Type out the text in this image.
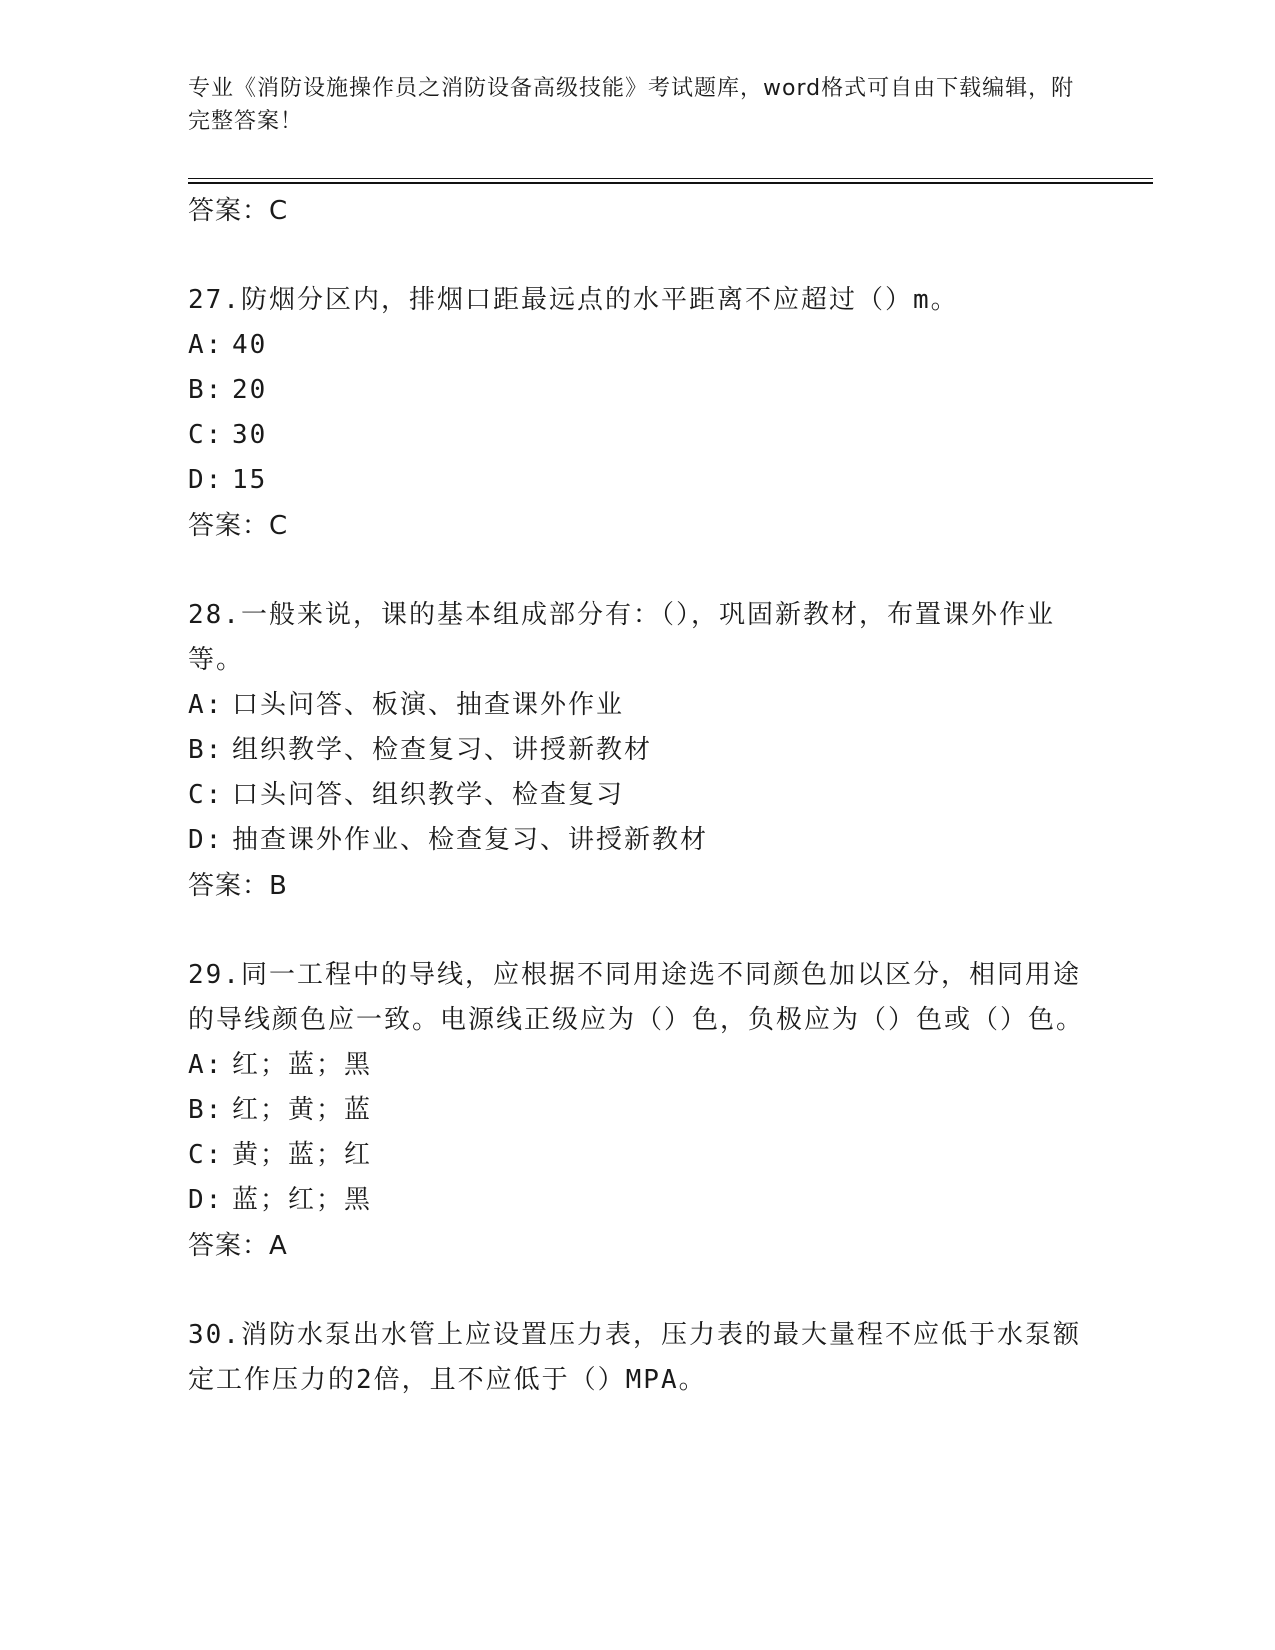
专业《消防设施操作员之消防设备高级技能》考试题库，word格式可自由下载编辑，附完整答案！
答案：C
27.防烟分区内，排烟口距最远点的水平距离不应超过（）m。
A: 40
B: 20
C: 30
D: 15
答案：C
28.一般来说，课的基本组成部分有：（），巩固新教材，布置课外作业等。
A: 口头问答、板演、抽查课外作业
B: 组织教学、检查复习、讲授新教材
C: 口头问答、组织教学、检查复习
D: 抽查课外作业、检查复习、讲授新教材
答案：B
29.同一工程中的导线，应根据不同用途选不同颜色加以区分，相同用途的导线颜色应一致。电源线正级应为（）色，负极应为（）色或（）色。
A: 红；蓝；黑
B: 红；黄；蓝
C: 黄；蓝；红
D: 蓝；红；黑
答案：A
30.消防水泵出水管上应设置压力表，压力表的最大量程不应低于水泵额定工作压力的2倍，且不应低于（）MPA。
